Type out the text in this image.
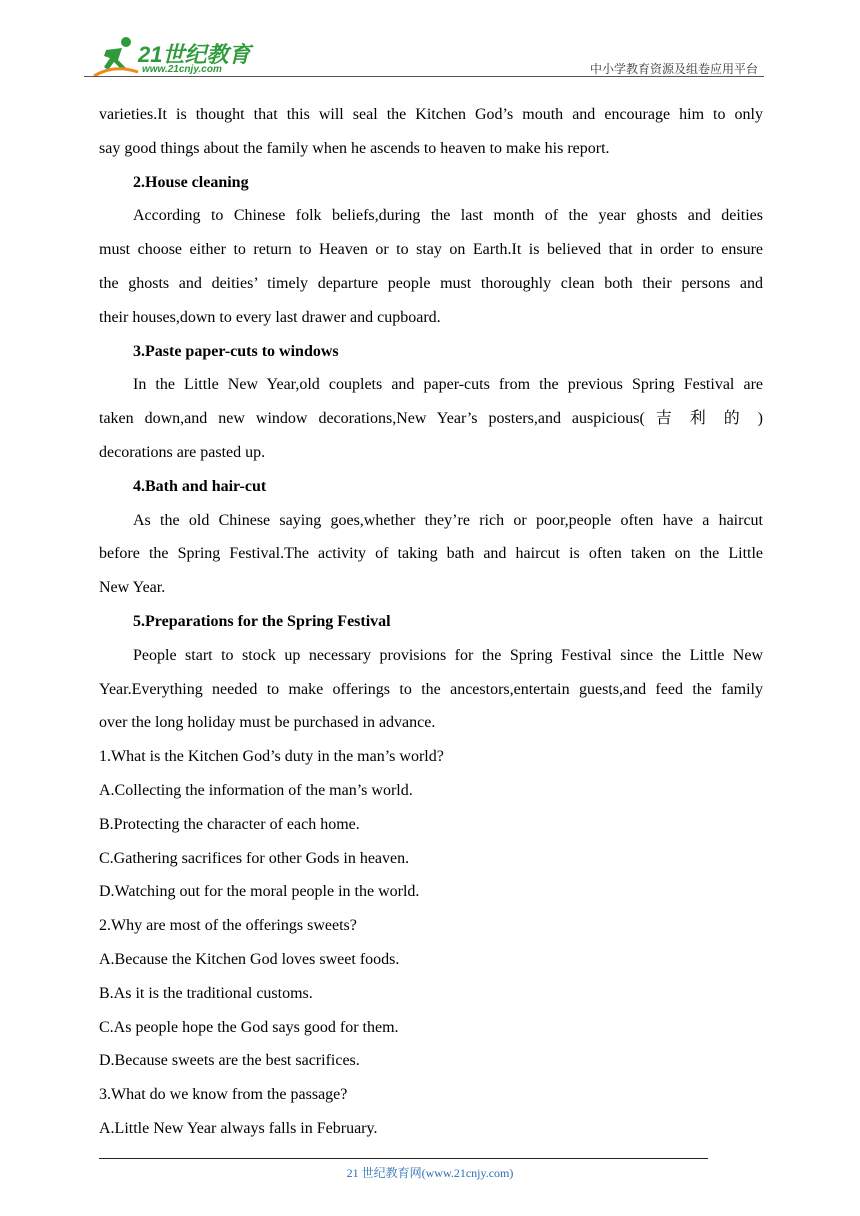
21世纪教育
www.21cnjy.com	中小学教育资源及组卷应用平台
varieties.It is thought that this will seal the Kitchen God’s mouth and encourage him to only
say good things about the family when he ascends to heaven to make his report.
2.House cleaning
According to Chinese folk beliefs,during the last month of the year ghosts and deities
must choose either to return to Heaven or to stay on Earth.It is believed that in order to ensure
the ghosts and deities’ timely departure people must thoroughly clean both their persons and
their houses,down to every last drawer and cupboard.
3.Paste paper-cuts to windows
In the Little New Year,old couplets and paper-cuts from the previous Spring Festival are
taken down,and new window decorations,New Year’s posters,and auspicious( 吉 利 的 )
decorations are pasted up.
4.Bath and hair-cut
As the old Chinese saying goes,whether they’re rich or poor,people often have a haircut
before the Spring Festival.The activity of taking bath and haircut is often taken on the Little
New Year.
5.Preparations for the Spring Festival
People start to stock up necessary provisions for the Spring Festival since the Little New
Year.Everything needed to make offerings to the ancestors,entertain guests,and feed the family
over the long holiday must be purchased in advance.
1.What is the Kitchen God’s duty in the man’s world?
A.Collecting the information of the man’s world.
B.Protecting the character of each home.
C.Gathering sacrifices for other Gods in heaven.
D.Watching out for the moral people in the world.
2.Why are most of the offerings sweets?
A.Because the Kitchen God loves sweet foods.
B.As it is the traditional customs.
C.As people hope the God says good for them.
D.Because sweets are the best sacrifices.
3.What do we know from the passage?
A.Little New Year always falls in February.
21 世纪教育网(www.21cnjy.com)
